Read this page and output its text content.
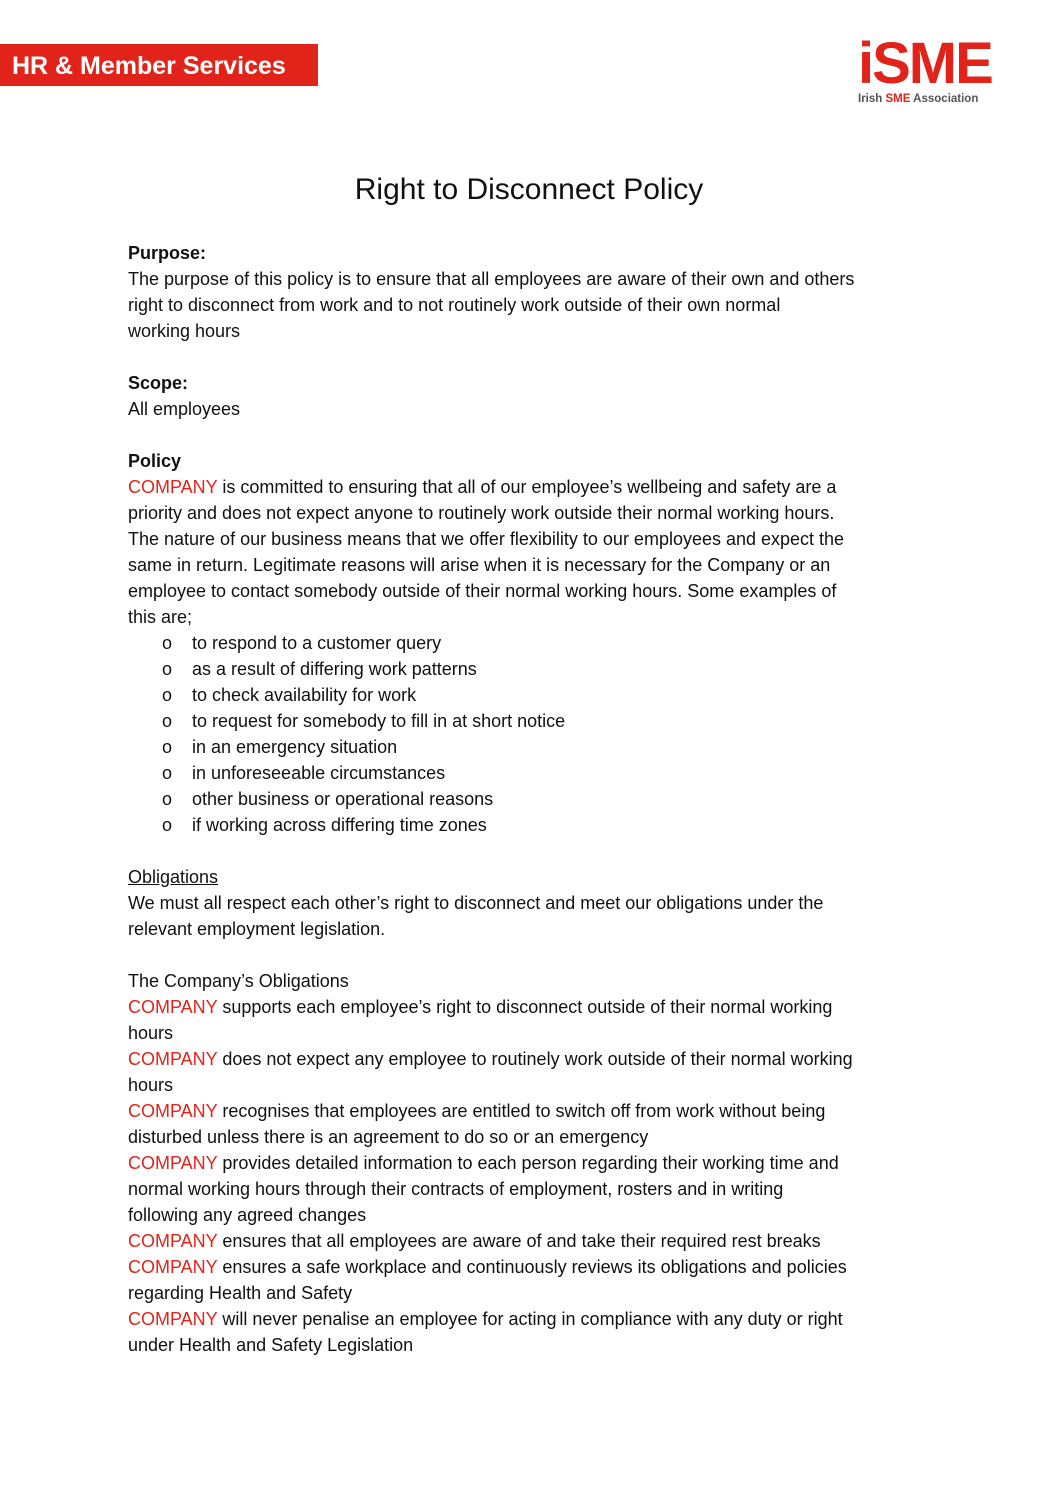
HR & Member Services	iSME
Irish SME Association
Right to Disconnect Policy

Purpose:

The purpose of this policy is to ensure that all employees are aware of their own and others

right to disconnect from work and to not routinely work outside of their own normal

working hours

Scope:

All employees

Policy

COMPANY is committed to ensuring that all of our employee’s wellbeing and safety are a

priority and does not expect anyone to routinely work outside their normal working hours.

The nature of our business means that we offer flexibility to our employees and expect the

same in return. Legitimate reasons will arise when it is necessary for the Company or an

employee to contact somebody outside of their normal working hours. Some examples of

this are;

o to respond to a customer query
o as a result of differing work patterns
o to check availability for work
o to request for somebody to fill in at short notice
o in an emergency situation
o in unforeseeable circumstances
o other business or operational reasons
o if working across differing time zones

Obligations

We must all respect each other’s right to disconnect and meet our obligations under the

relevant employment legislation.

The Company’s Obligations

COMPANY supports each employee’s right to disconnect outside of their normal working

hours

COMPANY does not expect any employee to routinely work outside of their normal working

hours

COMPANY recognises that employees are entitled to switch off from work without being

disturbed unless there is an agreement to do so or an emergency

COMPANY provides detailed information to each person regarding their working time and

normal working hours through their contracts of employment, rosters and in writing

following any agreed changes

COMPANY ensures that all employees are aware of and take their required rest breaks

COMPANY ensures a safe workplace and continuously reviews its obligations and policies

regarding Health and Safety

COMPANY will never penalise an employee for acting in compliance with any duty or right

under Health and Safety Legislation
